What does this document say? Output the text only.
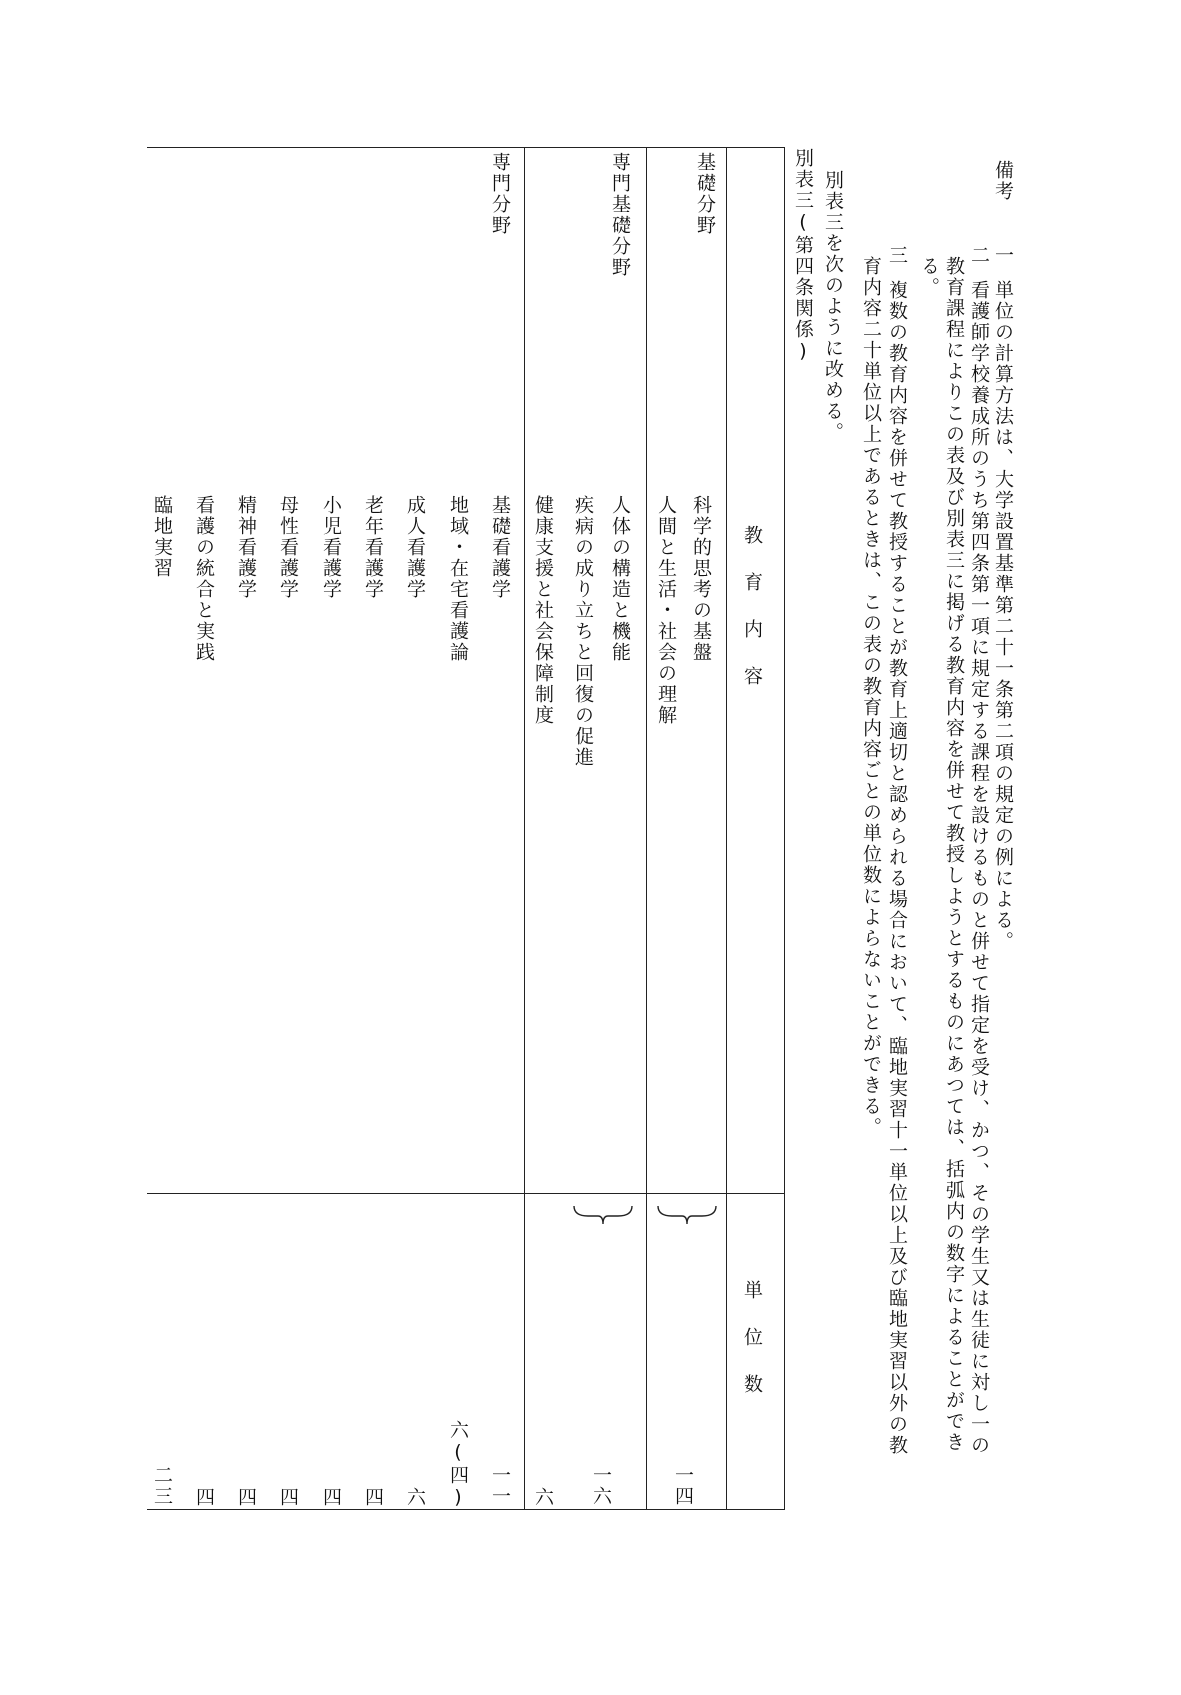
備考
一
単位の計算方法は、大学設置基準第二十一条第二項の規定の例による。
二
看護師学校養成所のうち第四条第一項に規定する課程を設けるものと併せて指定を受け、かつ、その学生又は生徒に対し一の
教育課程によりこの表及び別表三に掲げる教育内容を併せて教授しようとするものにあつては、括弧内の数字によることができ
る。
三
複数の教育内容を併せて教授することが教育上適切と認められる場合において、臨地実習十一単位以上及び臨地実習以外の教
育内容二十単位以上であるときは、この表の教育内容ごとの単位数によらないことができる。
別表三を次のように改める。
別表三(第四条関係)
教育内容
単位数
基礎分野
科学的思考の基盤
人間と生活・社会の理解
一四
専門基礎分野
人体の構造と機能
疾病の成り立ちと回復の促進
健康支援と社会保障制度
一六
六
専門分野
基礎看護学
地域・在宅看護論
成人看護学
老年看護学
小児看護学
母性看護学
精神看護学
看護の統合と実践
臨地実習
一一
六(四)
六
四
四
四
四
四
二三
